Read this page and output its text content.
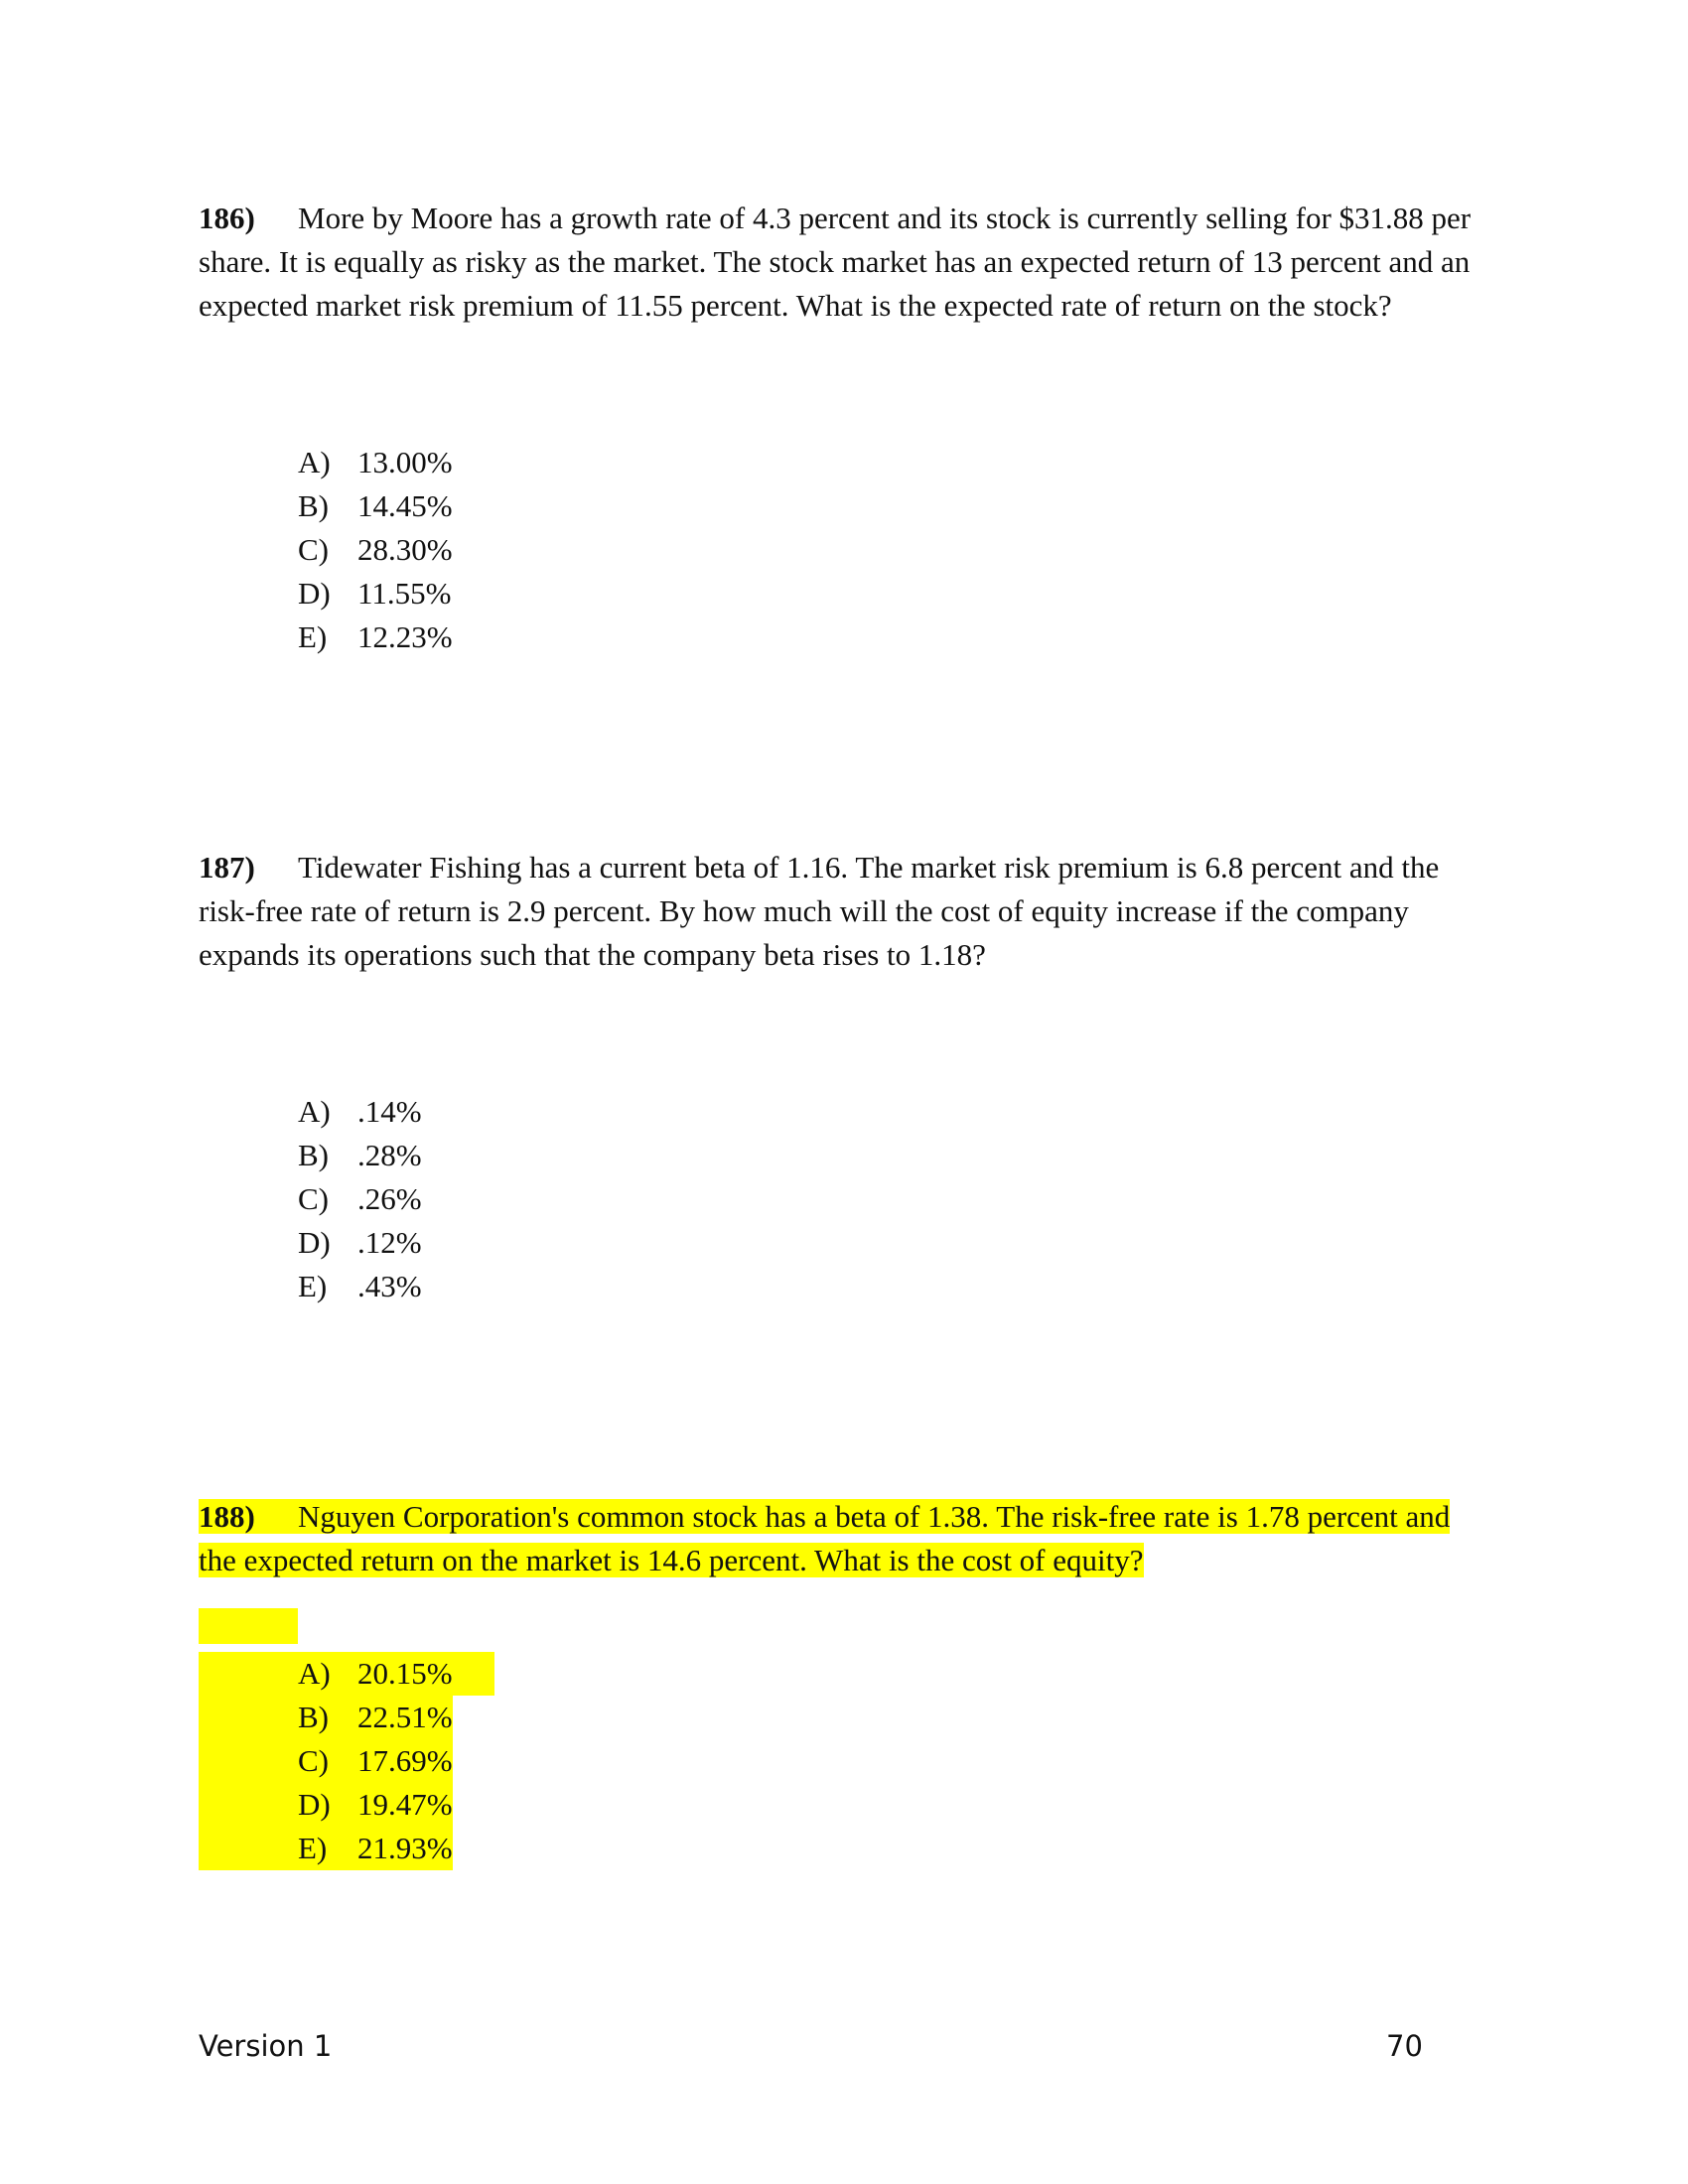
186) More by Moore has a growth rate of 4.3 percent and its stock is currently selling for $31.88 per share. It is equally as risky as the market. The stock market has an expected return of 13 percent and an expected market risk premium of 11.55 percent. What is the expected rate of return on the stock?

A) 13.00%
B) 14.45%
C) 28.30%
D) 11.55%
E) 12.23%

187) Tidewater Fishing has a current beta of 1.16. The market risk premium is 6.8 percent and the risk-free rate of return is 2.9 percent. By how much will the cost of equity increase if the company expands its operations such that the company beta rises to 1.18?

A) .14%
B) .28%
C) .26%
D) .12%
E) .43%

188) Nguyen Corporation's common stock has a beta of 1.38. The risk-free rate is 1.78 percent and the expected return on the market is 14.6 percent. What is the cost of equity?

A) 20.15%
B) 22.51%
C) 17.69%
D) 19.47%
E) 21.93%
Version 1	70
